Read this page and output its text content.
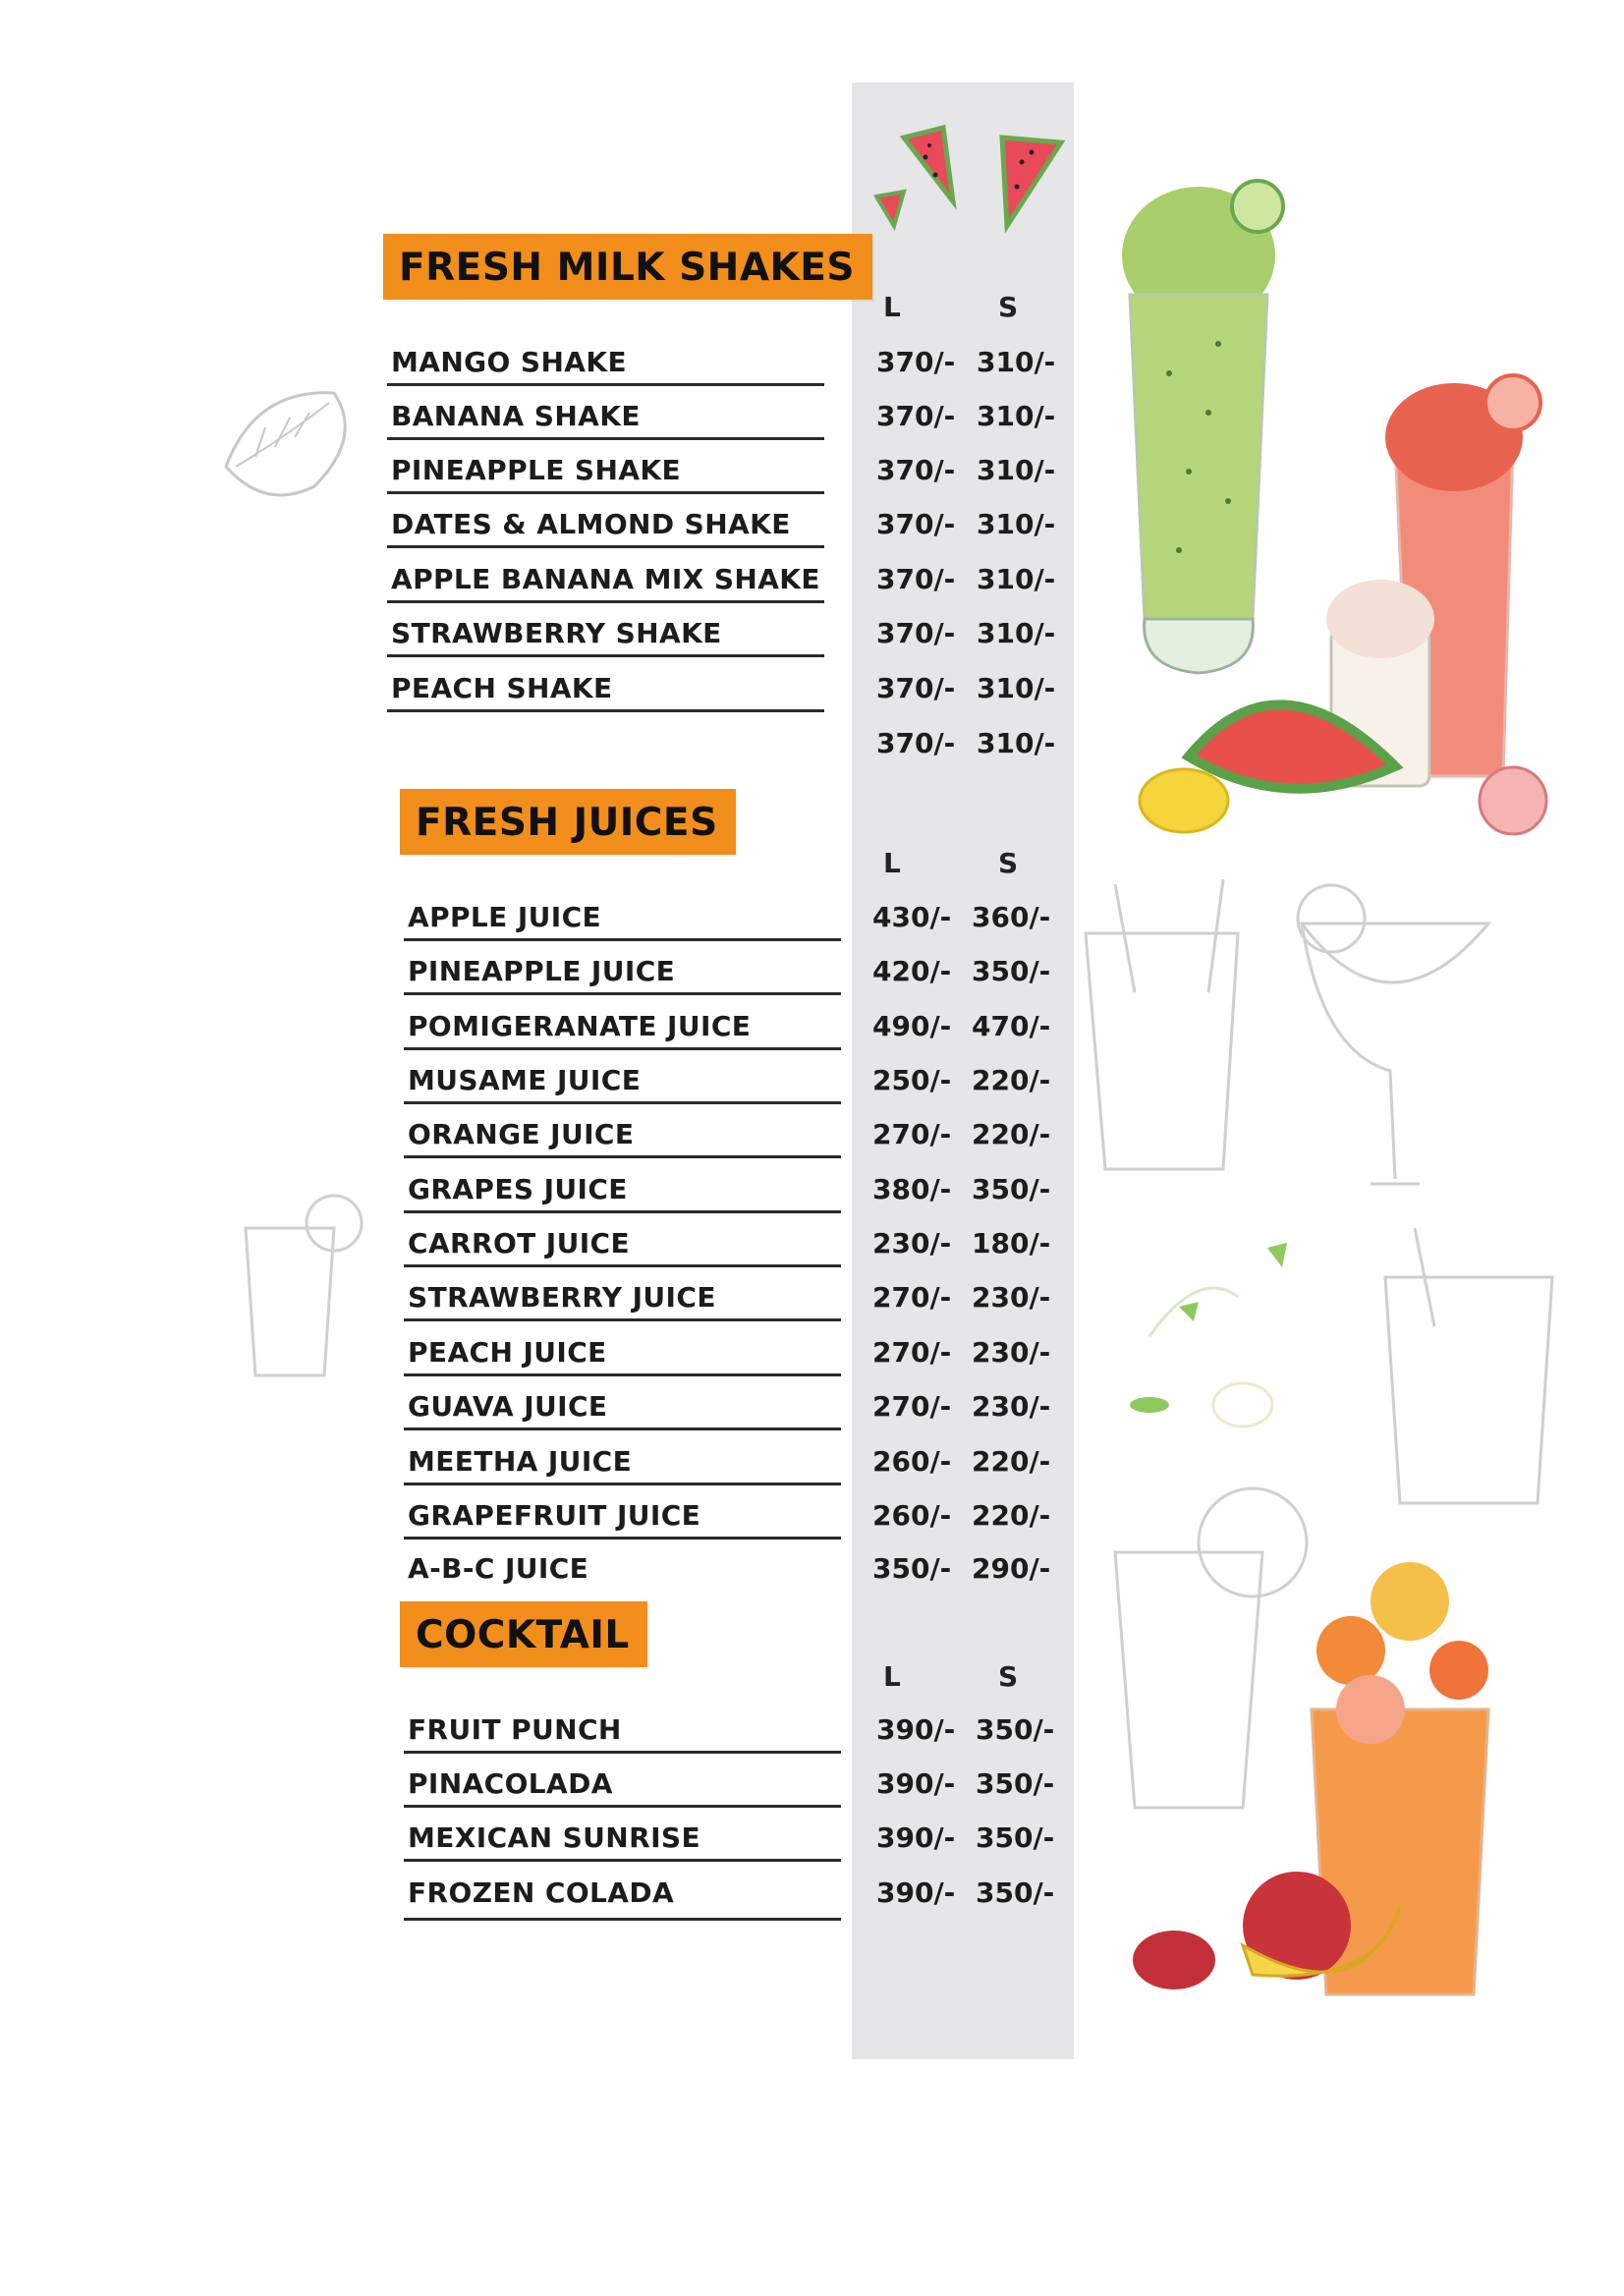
FRESH MILK SHAKES
L	S
MANGO SHAKE	370/- 310/-
BANANA SHAKE	370/- 310/-
PINEAPPLE SHAKE	370/- 310/-
DATES & ALMOND SHAKE	370/- 310/-
APPLE BANANA MIX SHAKE 370/- 310/-
STRAWBERRY SHAKE	370/- 310/-
PEACH SHAKE	370/- 310/-
370/- 310/-
FRESH JUICES
L	S
APPLE JUICE	430/- 360/-
PINEAPPLE JUICE	420/- 350/-
POMIGERANATE JUICE	490/- 470/-
MUSAME JUICE	250/- 220/-
ORANGE JUICE	270/- 220/-
GRAPES JUICE	380/- 350/-
CARROT JUICE	230/- 180/-
STRAWBERRY JUICE	270/- 230/-
PEACH JUICE	270/- 230/-
GUAVA JUICE	270/- 230/-
MEETHA JUICE	260/- 220/-
GRAPEFRUIT JUICE	260/- 220/-
A-B-C JUICE	350/- 290/-
COCKTAIL
L	S
FRUIT PUNCH	390/- 350/-
PINACOLADA	390/- 350/-
MEXICAN SUNRISE	390/- 350/-
FROZEN COLADA	390/- 350/-
